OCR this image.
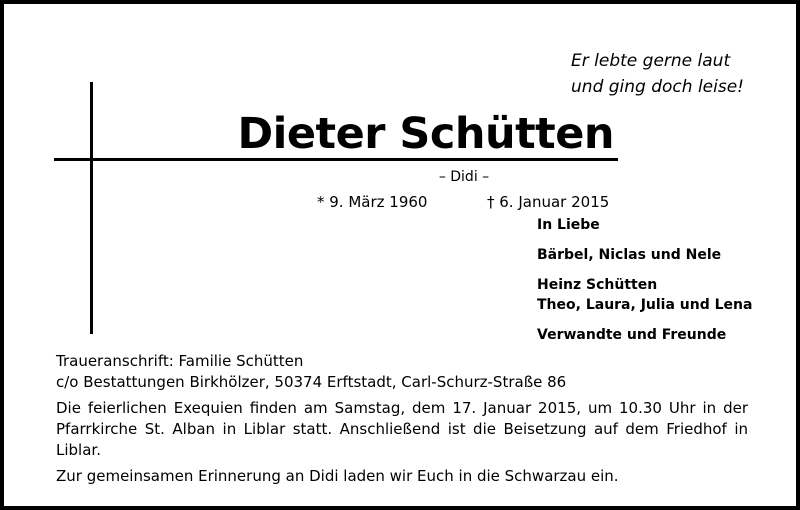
Er lebte gerne laut
und ging doch leise!
Dieter Schütten
– Didi –
* 9. März 1960	† 6. Januar 2015
In Liebe
Bärbel, Niclas und Nele
Heinz Schütten
Theo, Laura, Julia und Lena
Verwandte und Freunde
Traueranschrift: Familie Schütten
c/o Bestattungen Birkhölzer, 50374 Erftstadt, Carl-Schurz-Straße 86
Die feierlichen Exequien finden am Samstag, dem 17. Januar 2015, um 10.30 Uhr in der Pfarrkirche St. Alban in Liblar statt. Anschließend ist die Beisetzung auf dem Friedhof in Liblar.
Zur gemeinsamen Erinnerung an Didi laden wir Euch in die Schwarzau ein.
